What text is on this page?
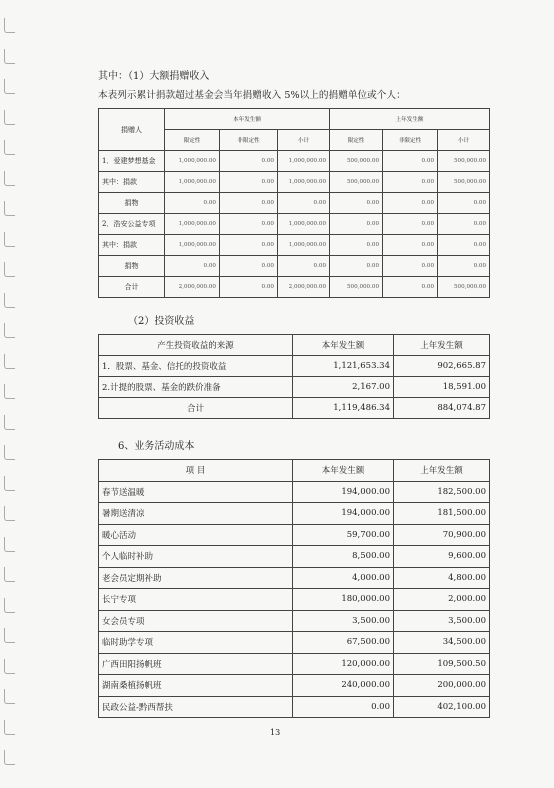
其中：（1）大额捐赠收入
本表列示累计捐款超过基金会当年捐赠收入 5%以上的捐赠单位或个人：
捐赠人	本年发生额			上年发生额		
	限定性	非限定性	小计	限定性	非限定性	小计
1．爱建梦想基金	1,000,000.00	0.00	1,000,000.00	500,000.00	0.00	500,000.00
其中：捐款	1,000,000.00	0.00	1,000,000.00	500,000.00	0.00	500,000.00
捐物	0.00	0.00	0.00	0.00	0.00	0.00
2．浩安公益专项	1,000,000.00	0.00	1,000,000.00	0.00	0.00	0.00
其中：捐款	1,000,000.00	0.00	1,000,000.00	0.00	0.00	0.00
捐物	0.00	0.00	0.00	0.00	0.00	0.00
合计	2,000,000.00	0.00	2,000,000.00	500,000.00	0.00	500,000.00
（2）投资收益
产生投资收益的来源	本年发生额	上年发生额
1．股票、基金、信托的投资收益	1,121,653.34	902,665.87
2.计提的股票、基金的跌价准备	2,167.00	18,591.00
合计	1,119,486.34	884,074.87
6、业务活动成本
项 目	本年发生额	上年发生额
春节送温暖	194,000.00	182,500.00
暑期送清凉	194,000.00	181,500.00
暖心活动	59,700.00	70,900.00
个人临时补助	8,500.00	9,600.00
老会员定期补助	4,000.00	4,800.00
长宁专项	180,000.00	2,000.00
女会员专项	3,500.00	3,500.00
临时助学专项	67,500.00	34,500.00
广西田阳扬帆班	120,000.00	109,500.50
湖南桑植扬帆班	240,000.00	200,000.00
民政公益-黔西帮扶	0.00	402,100.00
13
